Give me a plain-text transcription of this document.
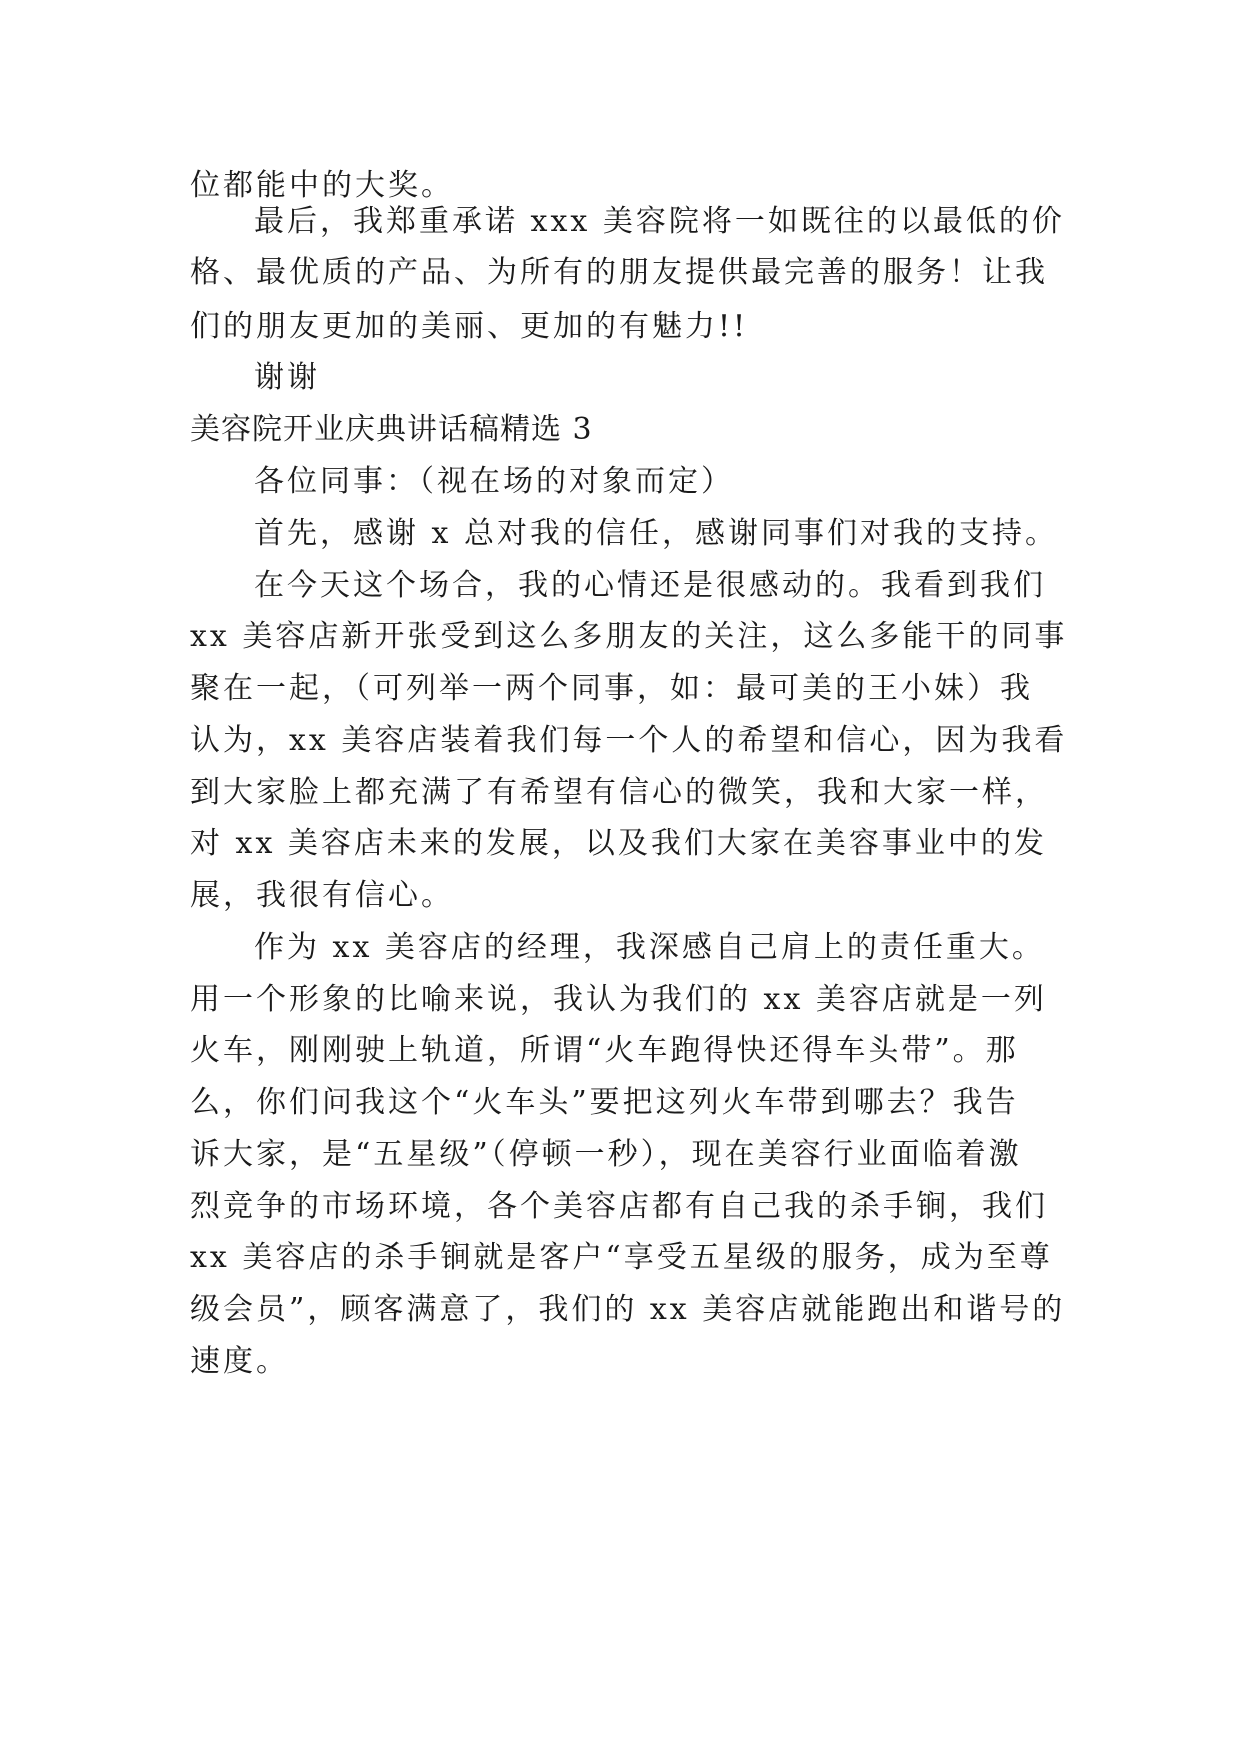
位都能中的大奖。
最后，我郑重承诺 xxx 美容院将一如既往的以最低的价
格、最优质的产品、为所有的朋友提供最完善的服务！让我
们的朋友更加的美丽、更加的有魅力!!
谢谢
美容院开业庆典讲话稿精选 3
各位同事：（视在场的对象而定）
首先，感谢 x 总对我的信任，感谢同事们对我的支持。
在今天这个场合，我的心情还是很感动的。我看到我们
xx 美容店新开张受到这么多朋友的关注，这么多能干的同事
聚在一起，（可列举一两个同事，如：最可美的王小妹）我
认为，xx 美容店装着我们每一个人的希望和信心，因为我看
到大家脸上都充满了有希望有信心的微笑，我和大家一样，
对 xx 美容店未来的发展，以及我们大家在美容事业中的发
展，我很有信心。
作为 xx 美容店的经理，我深感自己肩上的责任重大。
用一个形象的比喻来说，我认为我们的 xx 美容店就是一列
火车，刚刚驶上轨道，所谓“火车跑得快还得车头带”。那
么，你们问我这个“火车头”要把这列火车带到哪去？我告
诉大家，是“五星级”（停顿一秒），现在美容行业面临着激
烈竞争的市场环境，各个美容店都有自己我的杀手锏，我们
xx 美容店的杀手锏就是客户“享受五星级的服务，成为至尊
级会员”，顾客满意了，我们的 xx 美容店就能跑出和谐号的
速度。
